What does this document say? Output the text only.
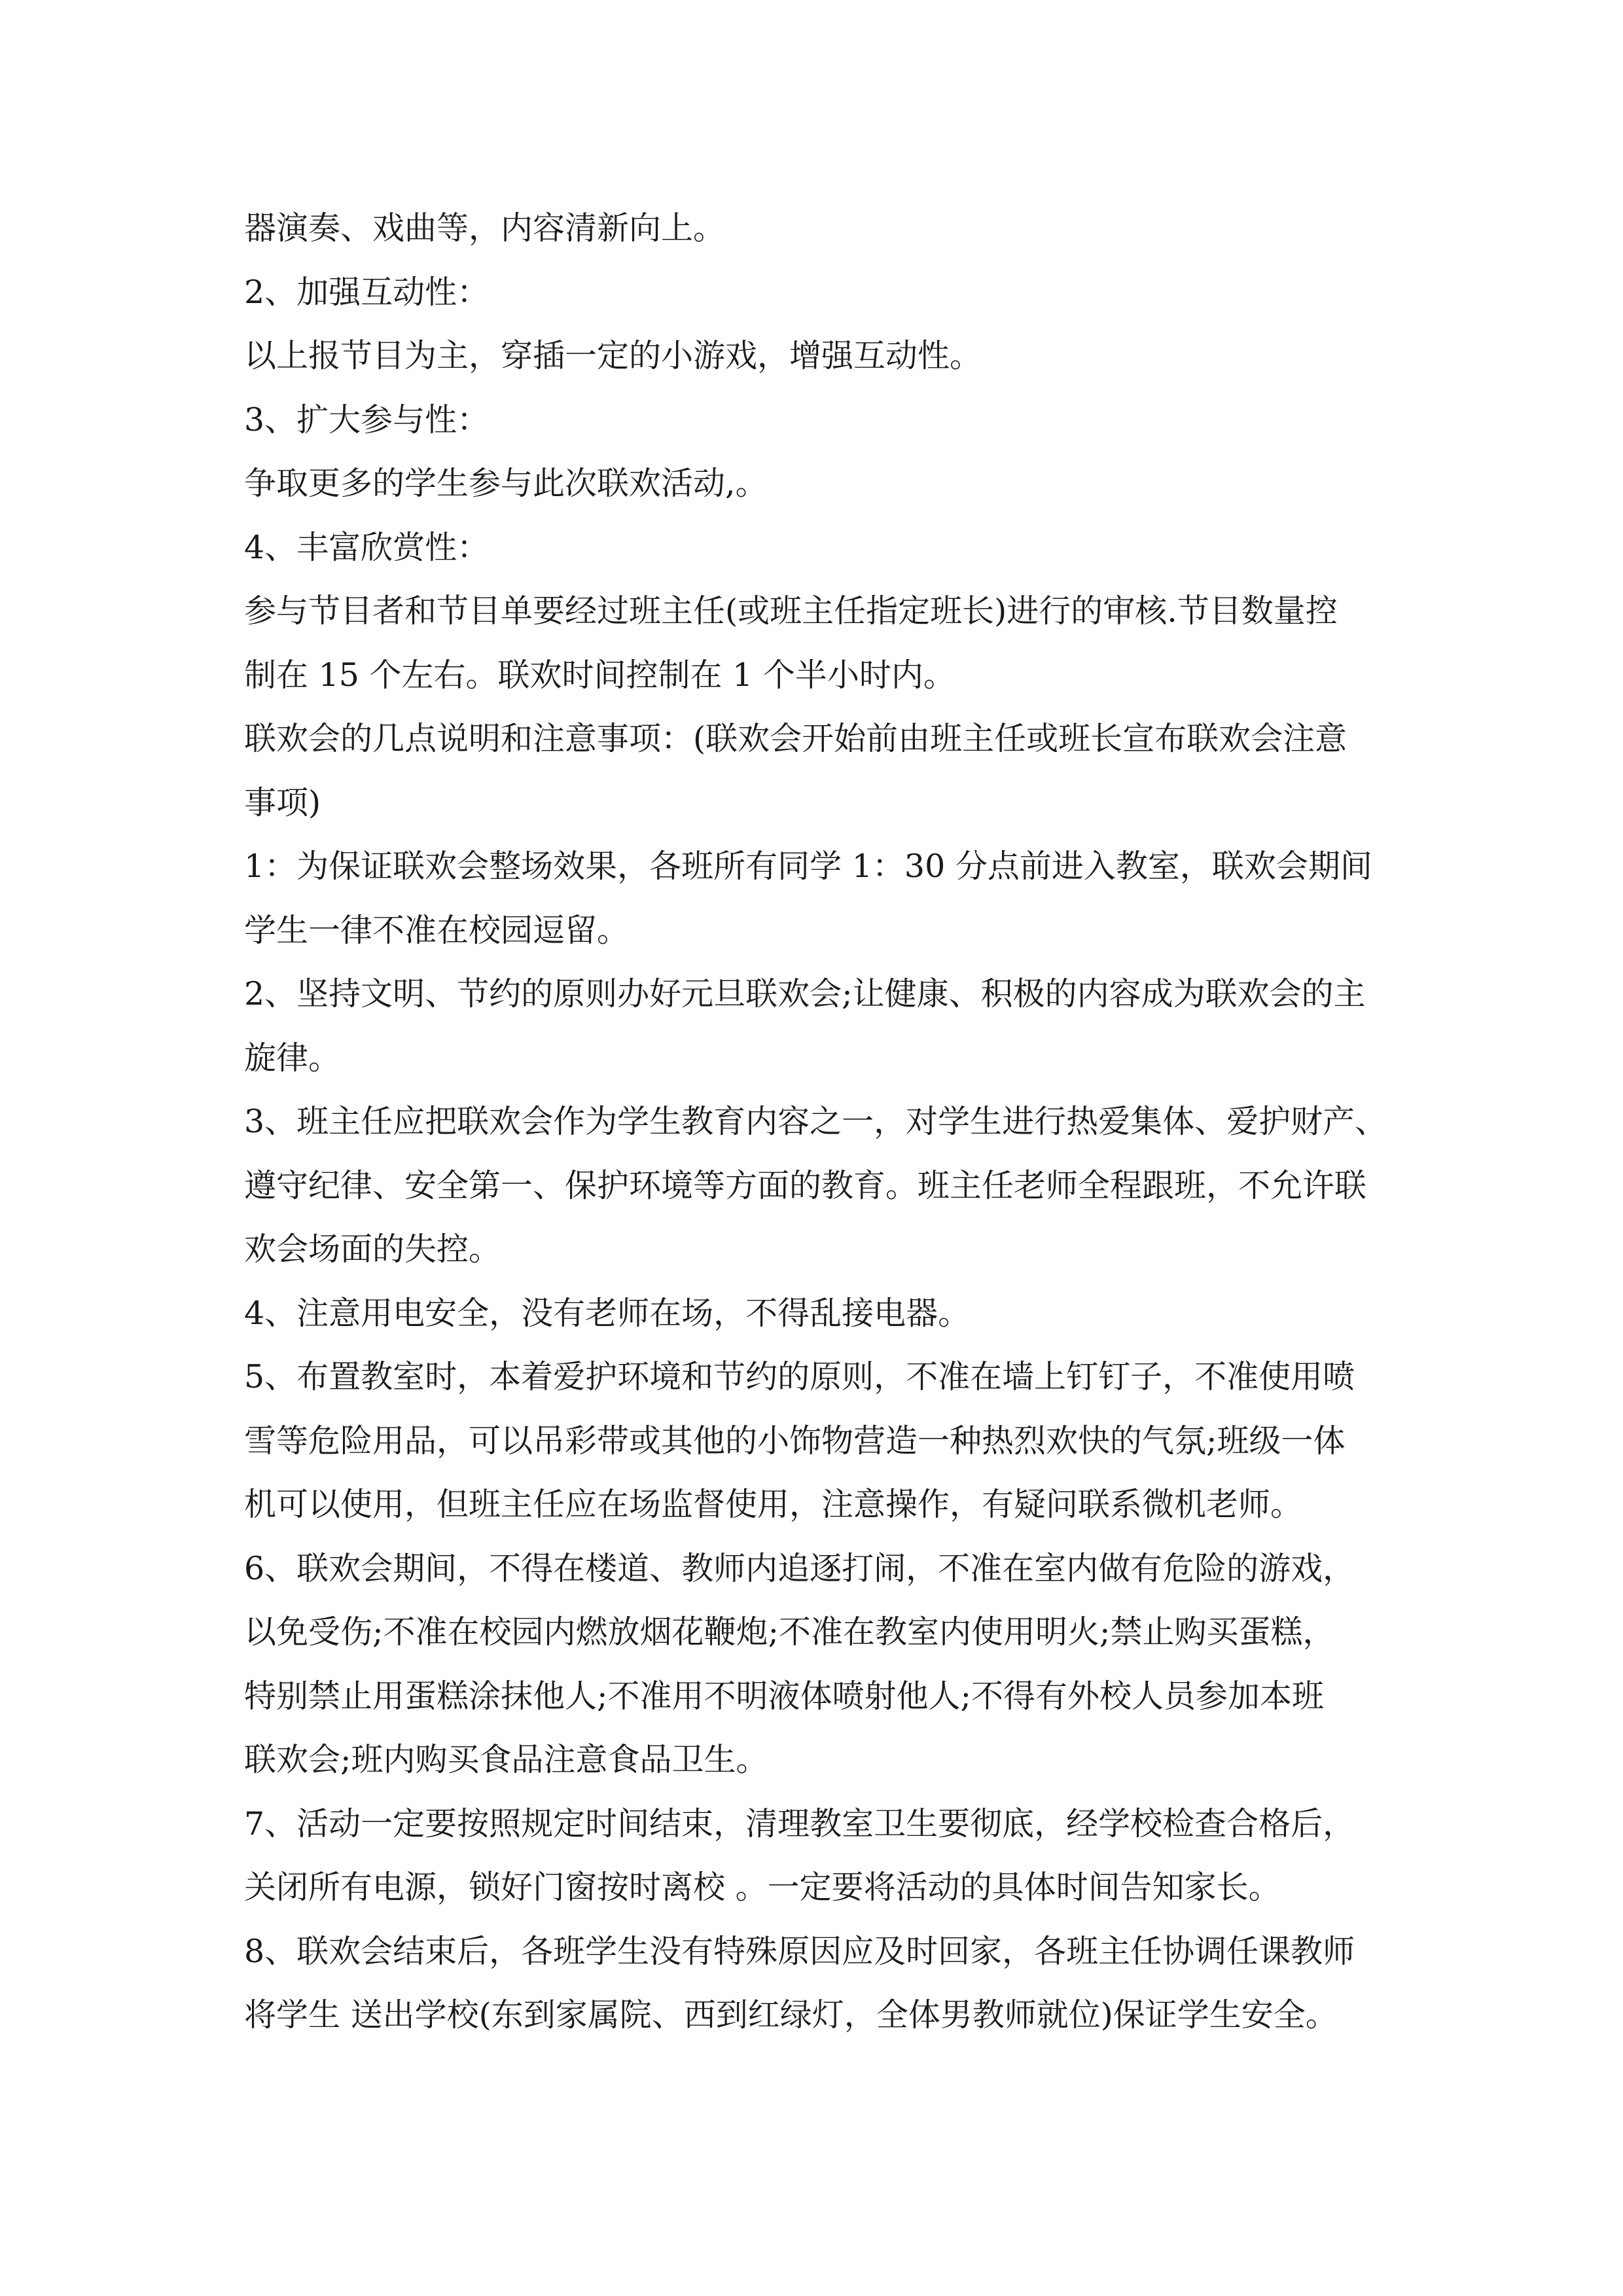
器演奏、戏曲等，内容清新向上。
2、加强互动性：
以上报节目为主，穿插一定的小游戏，增强互动性。
3、扩大参与性：
争取更多的学生参与此次联欢活动,。
4、丰富欣赏性：
参与节目者和节目单要经过班主任(或班主任指定班长)进行的审核.节目数量控
制在 15 个左右。联欢时间控制在 1 个半小时内。
联欢会的几点说明和注意事项：(联欢会开始前由班主任或班长宣布联欢会注意
事项)
1：为保证联欢会整场效果，各班所有同学 1：30 分点前进入教室，联欢会期间
学生一律不准在校园逗留。
2、坚持文明、节约的原则办好元旦联欢会;让健康、积极的内容成为联欢会的主
旋律。
3、班主任应把联欢会作为学生教育内容之一，对学生进行热爱集体、爱护财产、
遵守纪律、安全第一、保护环境等方面的教育。班主任老师全程跟班，不允许联
欢会场面的失控。
4、注意用电安全，没有老师在场，不得乱接电器。
5、布置教室时，本着爱护环境和节约的原则，不准在墙上钉钉子，不准使用喷
雪等危险用品，可以吊彩带或其他的小饰物营造一种热烈欢快的气氛;班级一体
机可以使用，但班主任应在场监督使用，注意操作，有疑问联系微机老师。
6、联欢会期间，不得在楼道、教师内追逐打闹，不准在室内做有危险的游戏，
以免受伤;不准在校园内燃放烟花鞭炮;不准在教室内使用明火;禁止购买蛋糕，
特别禁止用蛋糕涂抹他人;不准用不明液体喷射他人;不得有外校人员参加本班
联欢会;班内购买食品注意食品卫生。
7、活动一定要按照规定时间结束，清理教室卫生要彻底，经学校检查合格后，
关闭所有电源，锁好门窗按时离校 。一定要将活动的具体时间告知家长。
8、联欢会结束后，各班学生没有特殊原因应及时回家，各班主任协调任课教师
将学生 送出学校(东到家属院、西到红绿灯，全体男教师就位)保证学生安全。
